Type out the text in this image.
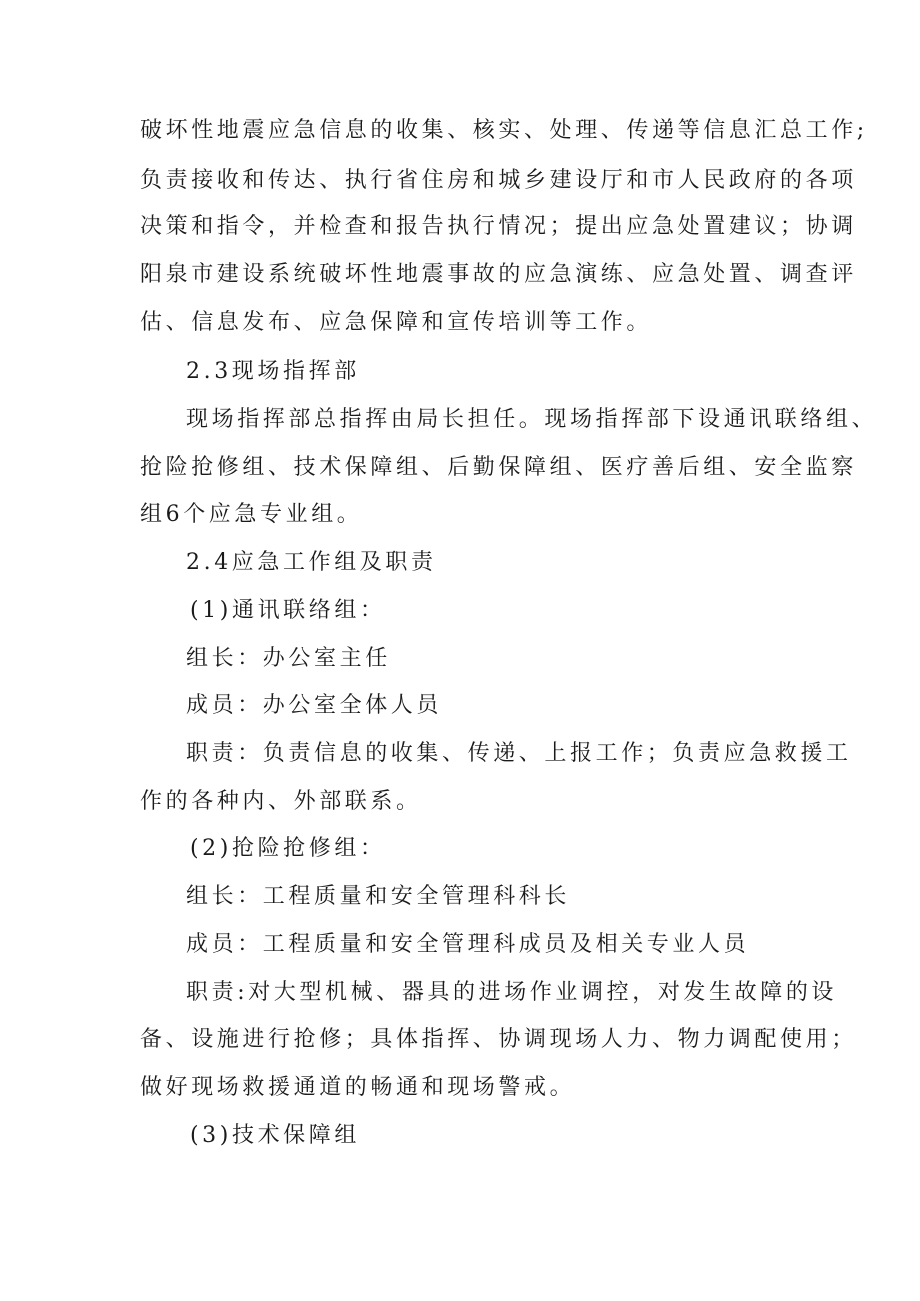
破坏性地震应急信息的收集、核实、处理、传递等信息汇总工作;

负责接收和传达、执行省住房和城乡建设厅和市人民政府的各项

决策和指令，并检查和报告执行情况；提出应急处置建议；协调

阳泉市建设系统破坏性地震事故的应急演练、应急处置、调查评

估、信息发布、应急保障和宣传培训等工作。

2.3现场指挥部

现场指挥部总指挥由局长担任。现场指挥部下设通讯联络组、

抢险抢修组、技术保障组、后勤保障组、医疗善后组、安全监察

组6个应急专业组。

2.4应急工作组及职责

(1)通讯联络组：

组长：办公室主任

成员：办公室全体人员

职责：负责信息的收集、传递、上报工作；负责应急救援工

作的各种内、外部联系。

(2)抢险抢修组：

组长：工程质量和安全管理科科长

成员：工程质量和安全管理科成员及相关专业人员

职责:对大型机械、器具的进场作业调控，对发生故障的设

备、设施进行抢修；具体指挥、协调现场人力、物力调配使用；

做好现场救援通道的畅通和现场警戒。

(3)技术保障组
